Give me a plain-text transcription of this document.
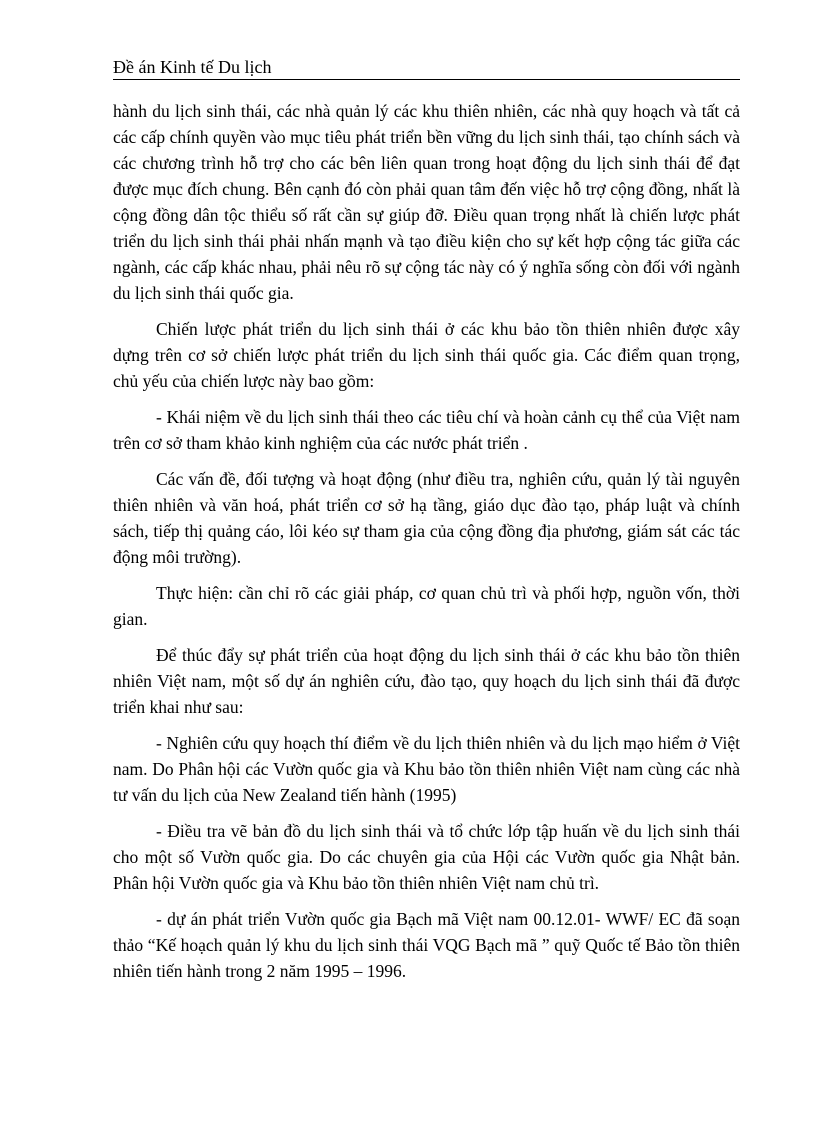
Đề án Kinh tế Du lịch

hành du lịch sinh thái, các nhà quản lý các khu thiên nhiên, các nhà quy hoạch và tất cả các cấp chính quyền vào mục tiêu phát triển bền vững du lịch sinh thái, tạo chính sách và các chương trình hỗ trợ cho các bên liên quan trong hoạt động du lịch sinh thái để đạt được mục đích chung. Bên cạnh đó còn phải quan tâm đến việc hỗ trợ cộng đồng, nhất là cộng đồng dân tộc thiểu số rất cần sự giúp đỡ. Điều quan trọng nhất là chiến lược phát triển du lịch sinh thái phải nhấn mạnh và tạo điều kiện cho sự kết hợp cộng tác giữa các ngành, các cấp khác nhau, phải nêu rõ sự cộng tác này có ý nghĩa sống còn đối với ngành du lịch sinh thái quốc gia.

Chiến lược phát triển du lịch sinh thái ở các khu bảo tồn thiên nhiên được xây dựng trên cơ sở chiến lược phát triển du lịch sinh thái quốc gia. Các điểm quan trọng, chủ yếu của chiến lược này bao gồm:

- Khái niệm về du lịch sinh thái theo các tiêu chí và hoàn cảnh cụ thể của Việt nam trên cơ sở tham khảo kinh nghiệm của các nước phát triển .

Các vấn đề, đối tượng và hoạt động (như điều tra, nghiên cứu, quản lý tài nguyên thiên nhiên và văn hoá, phát triển cơ sở hạ tầng, giáo dục đào tạo, pháp luật và chính sách, tiếp thị quảng cáo, lôi kéo sự tham gia của cộng đồng địa phương, giám sát các tác động môi trường).

Thực hiện: cần chỉ rõ các giải pháp, cơ quan chủ trì và phối hợp, nguồn vốn, thời gian.

Để thúc đẩy sự phát triển của hoạt động du lịch sinh thái ở các khu bảo tồn thiên nhiên Việt nam, một số dự án nghiên cứu, đào tạo, quy hoạch du lịch sinh thái đã được triển khai như sau:

- Nghiên cứu quy hoạch thí điểm về du lịch thiên nhiên và du lịch mạo hiểm ở Việt nam. Do Phân hội các Vườn quốc gia và Khu bảo tồn thiên nhiên Việt nam cùng các nhà tư vấn du lịch của New Zealand tiến hành (1995)

- Điều tra vẽ bản đồ du lịch sinh thái và tổ chức lớp tập huấn về du lịch sinh thái cho một số Vườn quốc gia. Do các chuyên gia của Hội các Vườn quốc gia Nhật bản. Phân hội Vườn quốc gia và Khu bảo tồn thiên nhiên Việt nam chủ trì.

- dự án phát triển Vườn quốc gia Bạch mã Việt nam 00.12.01- WWF/ EC đã soạn thảo “Kế hoạch quản lý khu du lịch sinh thái VQG Bạch mã ” quỹ Quốc tế Bảo tồn thiên nhiên tiến hành trong 2 năm 1995 – 1996.
